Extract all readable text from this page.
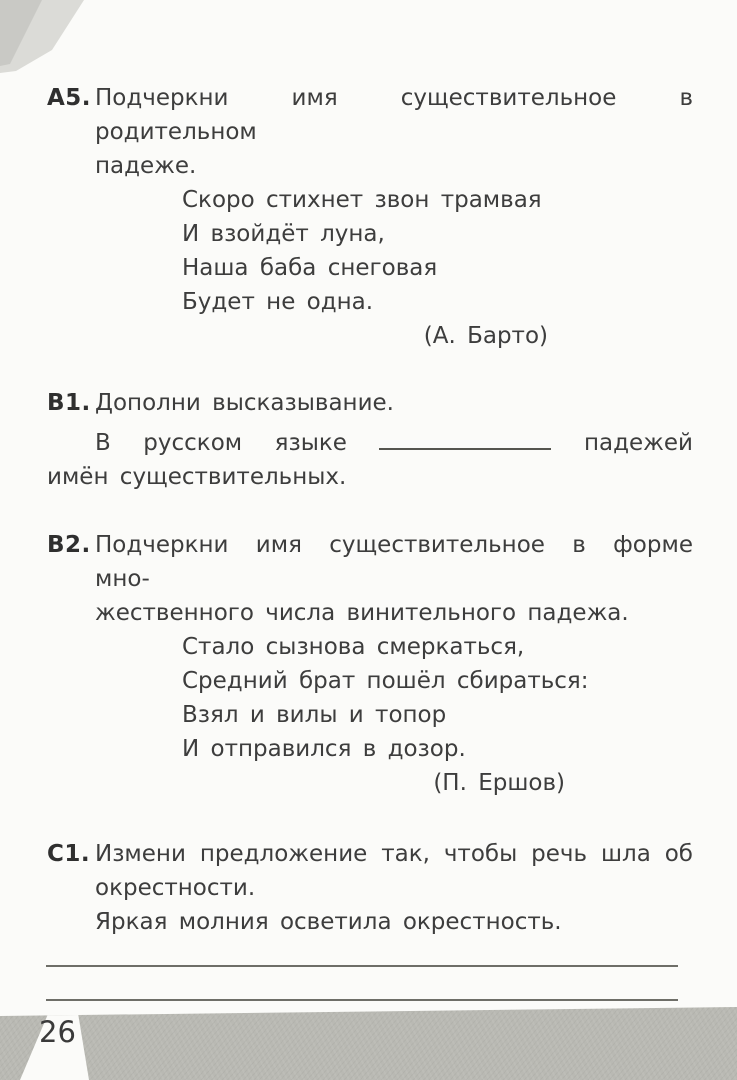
А5. Подчеркни имя существительное в родительном
падеже.
Скоро стихнет звон трамвая
И взойдёт луна,
Наша баба снеговая
Будет не одна.
(А. Барто)
В1. Дополни высказывание.
В русском языке	падежей
имён существительных.
В2. Подчеркни имя существительное в форме мно-
жественного числа винительного падежа.
Стало сызнова смеркаться,
Средний брат пошёл сбираться:
Взял и вилы и топор
И отправился в дозор.
(П. Ершов)
С1. Измени предложение так, чтобы речь шла об
окрестности.
Яркая молния осветила окрестность.
26
